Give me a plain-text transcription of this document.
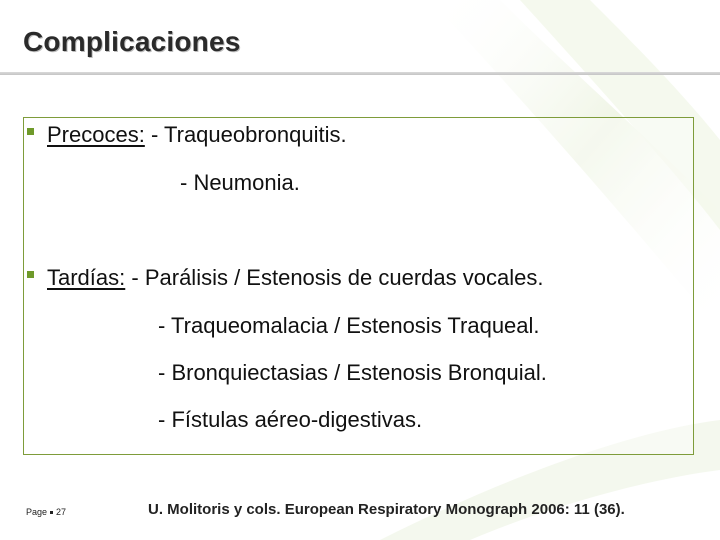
Complicaciones
Precoces: - Traqueobronquitis.
- Neumonia.
Tardías: - Parálisis / Estenosis de cuerdas vocales.
- Traqueomalacia / Estenosis Traqueal.
- Bronquiectasias / Estenosis Bronquial.
- Fístulas aéreo-digestivas.
Page 27	U. Molitoris y cols. European Respiratory Monograph 2006: 11 (36).
